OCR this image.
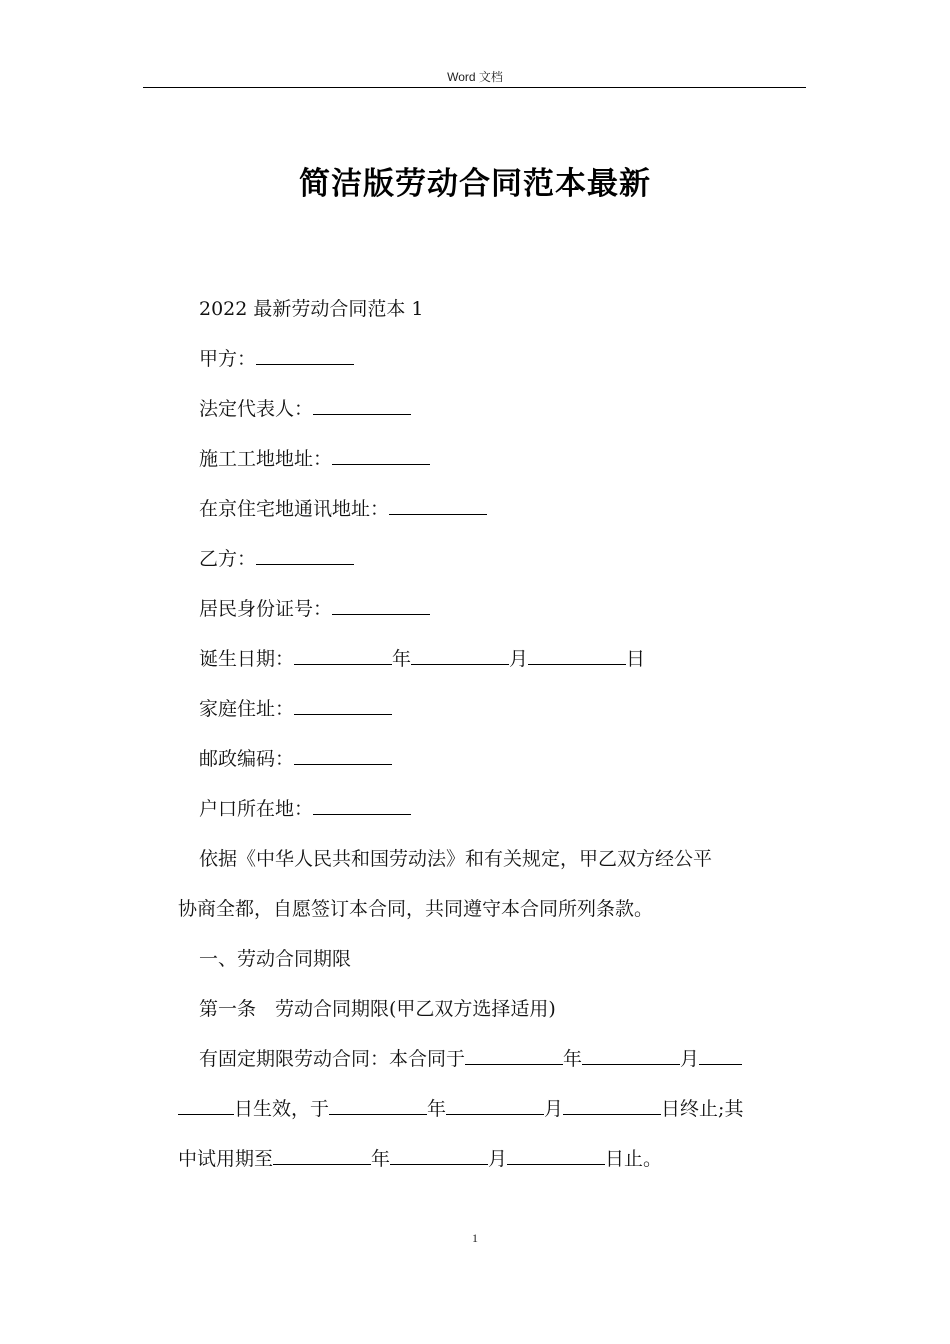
Word 文档
简洁版劳动合同范本最新
2022 最新劳动合同范本 1
甲方：
法定代表人：
施工工地地址：
在京住宅地通讯地址：
乙方：
居民身份证号：
诞生日期：	年	月	日
家庭住址：
邮政编码：
户口所在地：
依据《中华人民共和国劳动法》和有关规定，甲乙双方经公平
协商全都，自愿签订本合同，共同遵守本合同所列条款。
一、劳动合同期限
第一条　劳动合同期限(甲乙双方选择适用)
有固定期限劳动合同：本合同于	年	月
日生效，于	年	月	日终止;其
中试用期至	年	月	日止。
1
